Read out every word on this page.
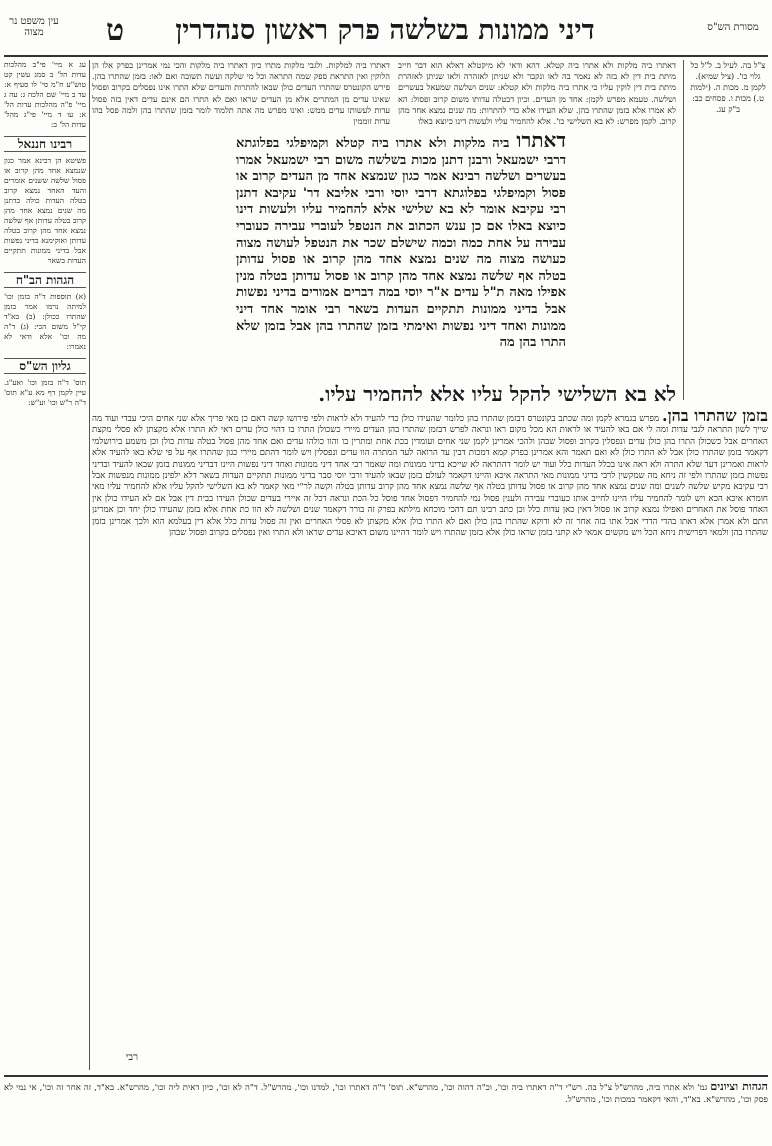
מסורת הש"ס
דיני ממונות בשלשה פרק ראשון סנהדרין
ט
עין משפט נר מצוה
עג א מיי' פי"ב מהלכות עדות הל' ב סמג עשין קט טוש"ע ח"מ סי' לו סעיף א: עד ב מיי' שם הלכה ג: עה ג מיי' פ"ה מהלכות עדות הל' א: עו ד מיי' פי"ג מהל' עדות הל' ב:
רבינו חננאל
פשיטא הן דבינא אמר כגון שנמצא אחד מהן קרוב או פסול שלשה ששנים אומרים והעד האחד נמצא קרוב בטלה העדות כולה כדתנן מה שנים נמצא אחד מהן קרוב בטלה עדותן אף שלשה נמצא אחד מהן קרוב בטלה עדותן ואוקימנא בדיני נפשות אבל בדיני ממונות תתקיים העדות בשאר
הגהות הב"ח
(א) תוספות ד"ה בזמן וכו' למיתה נרמו אמר בזמן שהתרו ככולן: (ב) בא"ד קי"ל משום הכי: (ג) ד"ה מה וכו' אלא ודאי לא נאמרו:
גליון הש"ס
תוס' ד"ה בזמן וכו' ואע"ג. עיין לקמן דף מא ע"א תוס' ד"ה ר"ש וכו' וע"ש:
צ"ל בה. לעיל ב. ל"ל כל גלוי כו'. (ציל שמיא). לקמן מ. מכות ה. (ילמות ט.) מכות ו. פסחים כב: ב"ק עג.
דאתרו ביה מלקות ולא אתרו ביה קטלא. דהא ודאי לא מיקטלא דאלא הוא דבר חייב מיתת בית דין לא בזה לא נאמר בה לאו ונקבר ולא שניתן לאזהרה ולאו שניתן לאזהרת מיתת בית דין לוקין עליו כי אתרו ביה מלקות ולא קטלא: שנים ושלשה שמעאל בעשרים ושלשה. טעמא מפרש לקמן: אחד מן העדים. וכיון דבטלה עדותו משום קרוב ופסול: הא לא אמרו אלא בזמן שהתרו בהן. שלא העידו אלא כדי להתרות: מה שנים נמצא אחד מהן קרוב. לקמן מפרש: לא בא השלישי כו'. אלא להחמיר עליו ולעשות דינו כיוצא באלו
דאתרו ביה למלקות. ולגבי מלקות מתרו כיון דאתרו ביה מלקות והכי נמי אמרינן בפרק אלו הן הלוקין ואין התראת ספק שמה התראה וכל מי שלקה ועשה תשובה ואם לאו: בזמן שהתרו בהן. פירש הקונטרס שהתרו העדים כולן שבאו להתרות והעדים שלא התרו אינו נפסלים בקרוב ופסול שאינו עדים מן המתרים אלא מן העדים שראו ואם לא התרו הם אינם עדים דאין בזה פסול עדות לעשותו עדים ממש: ואינו מפרש מה אתה תלמוד לומר בזמן שהתרו בהן ולמה פסל בהו עדות זוממין
דאתרו ביה מלקות ולא אתרו ביה קטלא וקמיפלגי בפלוגתא דרבי ישמעאל ורבנן דתנן מכות בשלשה משום רבי ישמעאל אמרו בעשרים ושלשה רבינא אמר כגון שנמצא אחד מן העדים קרוב או פסול וקמיפלגי בפלוגתא דרבי יוסי ורבי אליבא דר' עקיבא דתנן רבי עקיבא אומר לא בא שלישי אלא להחמיר עליו ולעשות דינו כיוצא באלו אם כן ענש הכתוב את הנטפל לעוברי עבירה כעוברי עבירה על אחת כמה וכמה שישלם שכר את הנטפל לעושה מצוה כעושה מצוה מה שנים נמצא אחד מהן קרוב או פסול עדותן בטלה אף שלשה נמצא אחד מהן קרוב או פסול עדותן בטלה מנין אפילו מאה ת"ל עדים א"ר יוסי במה דברים אמורים בדיני נפשות אבל בדיני ממונות תתקיים העדות בשאר רבי אומר אחד דיני ממונות ואחד דיני נפשות ואימתי בזמן שהתרו בהן אבל בזמן שלא התרו בהן מה
לא בא השלישי להקל עליו אלא להחמיר עליו.
בזמן שהתרו בהן. מפרש בגמרא לקמן ומה שכתב בקונטרס דבזמן שהתרו בהן כלומר שהעידו כולן כדי להעיד ולא לראות ולפי פירושו קשה דאם כן מאי פריך אלא שני אחים היכי עבדי ועוד מה שייך לשון התראה לגבי עדות ומה לי אם באו להעיד או לראות הא מכל מקום ראו ונראה לפרש דבזמן שהתרו בהן העדים מיירי כשכולן התרו בו דהוי כולן עדים דאי לא התרו אלא מקצתן לא פסלי מקצת האחרים אבל כשכולן התרו בהן כולן עדים ונפסלין בקרוב ופסול שבהן ולהכי אמרינן לקמן שני אחים ועומדין בכת אחת ומתרין בו והוו כולהו עדים ואם אחד מהן פסול בטלה עדות כולן וכן משמע בירושלמי דקאמר בזמן שהתרו כולן אבל לא התרו כולן לא ואם תאמר והא אמרינן בפרק קמא דמכות דבין עד הרואה לעד המתרה הוו עדים ונפסלין ויש לומר דהתם מיירי כגון שהתרו אף על פי שלא באו להעיד אלא לראות ואמרינן דעד שלא התרה ולא ראה אינו בכלל העדות כלל ועוד יש לומר דהתראה לא שייכא בדיני ממונות ומה שאמר רבי אחד דיני ממונות ואחד דיני נפשות היינו דבדיני ממונות בזמן שבאו להעיד ובדיני נפשות בזמן שהתרו ולפי זה ניחא מה שמקשין לרבי בדיני ממונות מאי התראה איכא והיינו דקאמר לעולם בזמן שבאו להעיד ורבי יוסי סבר בדיני ממונות תתקיים העדות בשאר דלא ילפינן ממונות מנפשות אבל רבי עקיבא מקיש שלשה לשנים ומה שנים נמצא אחד מהן קרוב או פסול עדותן בטלה אף שלשה נמצא אחד מהן קרוב עדותן בטלה וקשה לר"י מאי קאמר לא בא השלישי להקל עליו אלא להחמיר עליו מאי חומרא איכא הכא ויש לומר להחמיר עליו היינו לחייב אותו כעוברי עבירה ולענין פסול נמי להחמיר דפסול אחד פוסל כל הכת ונראה דכל זה איירי בעדים שכולן העידו בבית דין אבל אם לא העידו כולן אין האחד פוסל את האחרים ואפילו נמצא קרוב או פסול דאין כאן עדות כלל וכן כתב רבינו תם דהכי מוכחא מילתא בפרק זה בורר דקאמר שנים ושלשה לא הוו כת אחת אלא בזמן שהעידו כולן יחד וכן אמרינן התם ולא אמרן אלא דאתו בהדי הדדי אבל אתו בזה אחר זה לא ודוקא שהתרו בהן כולן ואם לא התרו כולן אלא מקצתן לא פסלי האחרים ואין זה פסול עדות כלל אלא דין בעלמא הוא ולכך אמרינן בזמן שהתרו בהן ולמאי דפרישית ניחא הכל ויש מקשים אמאי לא קתני בזמן שראו כולן אלא בזמן שהתרו ויש לומר דהיינו משום דאיכא עדים שראו ולא התרו ואין נפסלים בקרוב ופסול שבהן
רבי
הגהות וציונים גמ' ולא אתרו ביה, מהרש"ל צ"ל בה. רש"י ד"ה דאתרו ביה וכו', וכ"ה דהוה וכו', מהרש"א. תוס' ד"ה דאתרו וכו', למדנו וכו', מהרש"ל. ד"ה לא וכו', כיון דאית ליה וכו', מהרש"א. בא"ד, זה אחר זה וכו', אי נמי לא פסק וכו', מהרש"א. בא"ד, והאי דקאמר במכות וכו', מהרש"ל.
